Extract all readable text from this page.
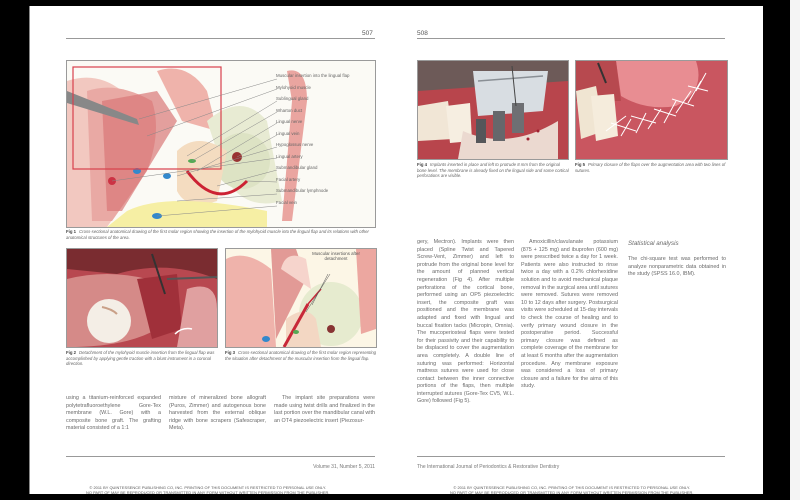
507
Muscular insertion into the lingual flap
Mylohyoid muscle
Sublingual gland
Wharton duct
Lingual nerve
Lingual vein
Hypoglossus nerve
Lingual artery
Submandibular gland
Facial artery
Submandibular lymphnode
Facial vein
Fig 1 Cross-sectional anatomical drawing of the first molar region showing the insertion of the mylohyoid muscle into the lingual flap and its relations with other anatomical structures of the area.
Fig 2 Detachment of the mylohyoid muscle insertion from the lingual flap was accomplished by applying gentle traction with a blunt instrument in a coronal direction.
Muscular insertions after detachment
Fig 3 Cross-sectional anatomical drawing of the first molar region representing the situation after detachment of the muscular insertion from the lingual flap.
using a titanium-reinforced expanded polytetrafluoroethylene Gore-Tex membrane (W.L. Gore) with a composite bone graft. The grafting material consisted of a 1:1
mixture of mineralized bone allograft (Puros, Zimmer) and autogenous bone harvested from the external oblique ridge with bone scrapers (Safescraper, Meta).
The implant site preparations were made using twist drills and finalized in the last portion over the mandibular canal with an OT4 piezoelectric insert (Piezosur-
Volume 31, Number 5, 2011
508
Fig 4 Implants inserted in place and left to protrude 8 mm from the original bone level. The membrane is already fixed on the lingual side and some cortical perforations are visible.
Fig 5 Primary closure of the flaps over the augmentation area with two lines of sutures.
gery, Mectron). Implants were then placed (Spline Twist and Tapered Screw-Vent, Zimmer) and left to protrude from the original bone level for the amount of planned vertical regeneration (Fig 4). After multiple perforations of the cortical bone, performed using an OP5 piezoelectric insert, the composite graft was positioned and the membrane was adapted and fixed with lingual and buccal fixation tacks (Micropin, Omnia). The mucoperiosteal flaps were tested for their passivity and their capability to be displaced to cover the augmentation area completely. A double line of suturing was performed: Horizontal mattress sutures were used for close contact between the inner connective portions of the flaps, then multiple interrupted sutures (Gore-Tex CV5, W.L. Gore) followed (Fig 5).
Amoxicillin/clavulanate potassium (875 + 125 mg) and ibuprofen (600 mg) were prescribed twice a day for 1 week. Patients were also instructed to rinse twice a day with a 0.2% chlorhexidine solution and to avoid mechanical plaque removal in the surgical area until sutures were removed. Sutures were removed 10 to 12 days after surgery. Postsurgical visits were scheduled at 15-day intervals to check the course of healing and to verify primary wound closure in the postoperative period. Successful primary closure was defined as complete coverage of the membrane for at least 6 months after the augmentation procedure. Any membrane exposure was considered a loss of primary closure and a failure for the aims of this study.
Statistical analysis
The chi-square test was performed to analyze nonparametric data obtained in the study (SPSS 16.0, IBM).
The International Journal of Periodontics & Restorative Dentistry
© 2011 BY QUINTESSENCE PUBLISHING CO, INC. PRINTING OF THIS DOCUMENT IS RESTRICTED TO PERSONAL USE ONLY.
NO PART OF MAY BE REPRODUCED OR TRANSMITTED IN ANY FORM WITHOUT WRITTEN PERMISSION FROM THE PUBLISHER.
© 2011 BY QUINTESSENCE PUBLISHING CO, INC. PRINTING OF THIS DOCUMENT IS RESTRICTED TO PERSONAL USE ONLY.
NO PART OF MAY BE REPRODUCED OR TRANSMITTED IN ANY FORM WITHOUT WRITTEN PERMISSION FROM THE PUBLISHER.
